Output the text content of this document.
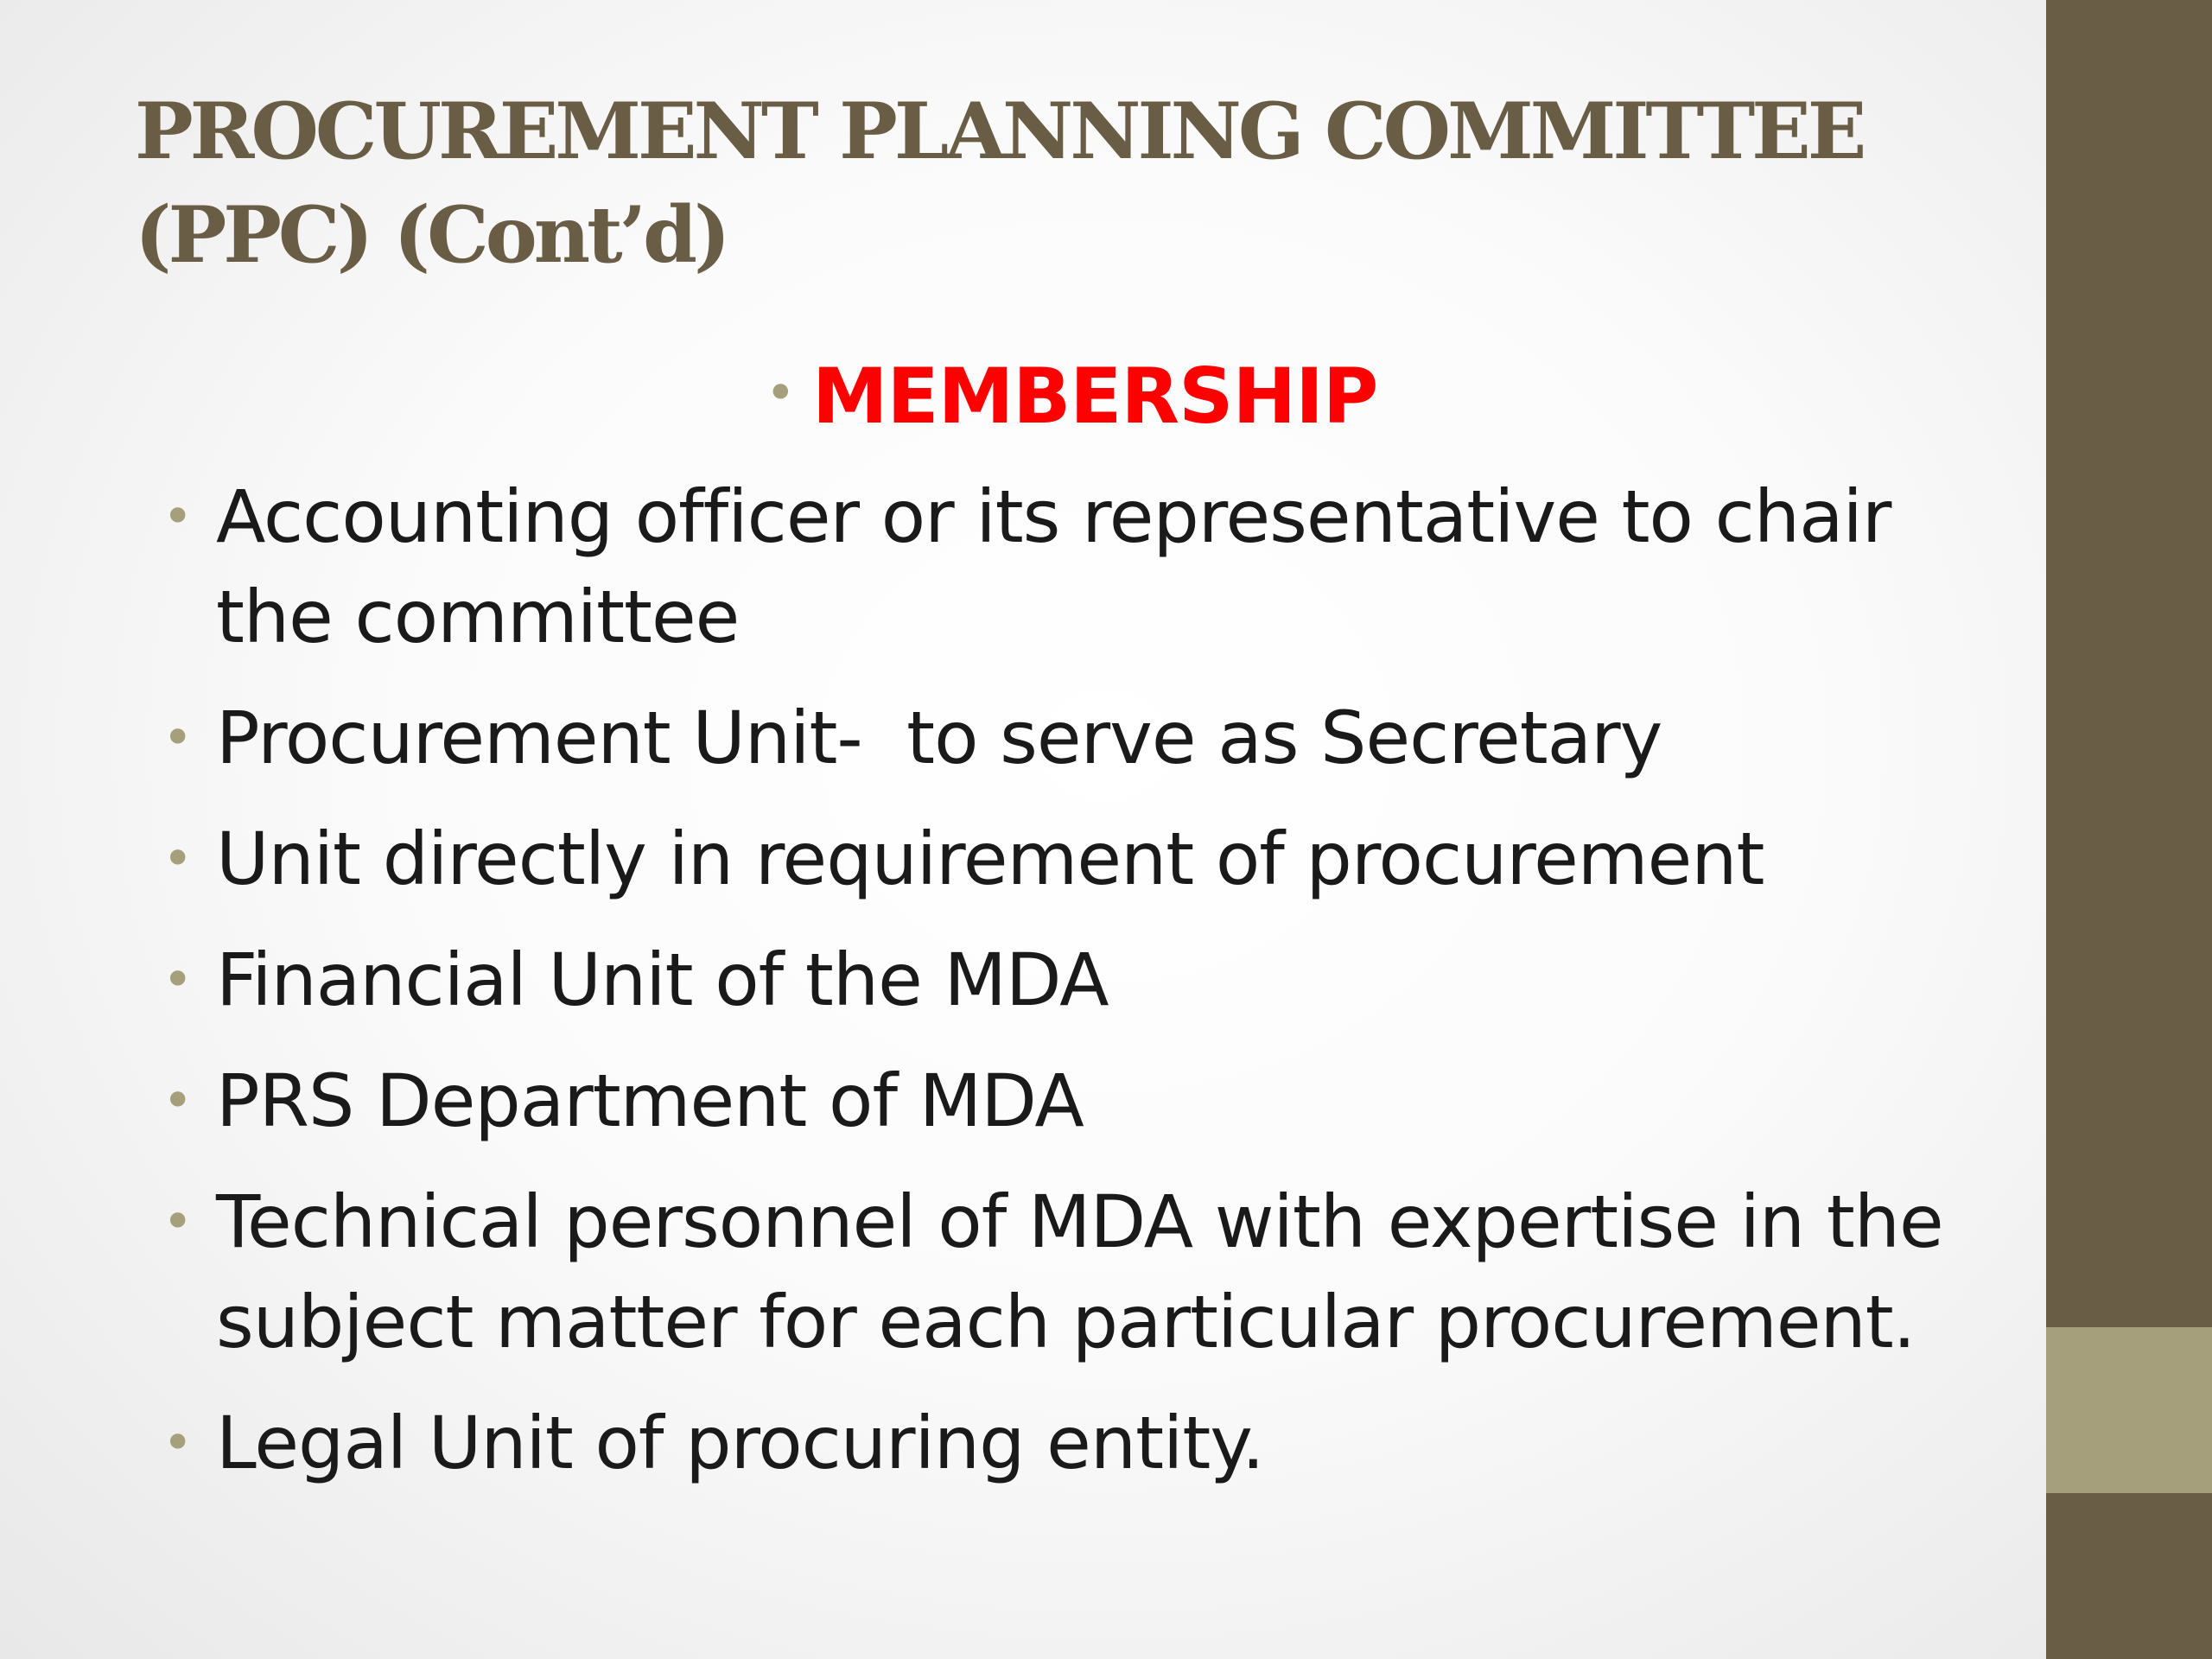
PROCUREMENT PLANNING COMMITTEE (PPC) (Cont’d)
• MEMBERSHIP
• Accounting officer or its representative to chair the committee
• Procurement Unit-  to serve as Secretary
• Unit directly in requirement of procurement
• Financial Unit of the MDA
• PRS Department of MDA
• Technical personnel of MDA with expertise in the subject matter for each particular procurement.
• Legal Unit of procuring entity.
